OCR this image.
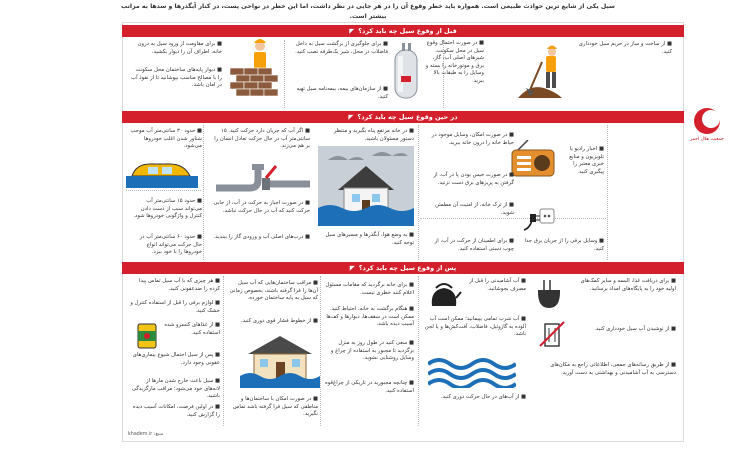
سیل یکی از شایع ترین حوادث طبیعی است. همواره باید خطر وقوع آن را در هر جایی در نظر داشت، اما این خطر در نواحی پست، در کنار آبگذرها و سدها به مراتب بیشتر است.
جمعیت هلال احمر
قبل از وقوع سیل چه باید کرد؟◤
در حین وقوع سیل چه باید کرد؟◤
پس از وقوع سیل چه باید کرد؟◤
■ از ساخت و ساز در حریم سیل خودداری کنید.
■ در صورت احتمال وقوع سیل در محل سکونت، شیرهای اصلی آب، گاز، برق و موتورخانه را بسته و وسایل را به طبقات بالا ببرید.
■ برای جلوگیری از برگشت سیل به داخل فاضلاب در محل، شیر یک‌طرفه نصب کنید.
■ از سازمان‌های بیمه، بیمه‌نامه سیل تهیه کنید.
■ برای مقاومت از ورود سیل به درون خانه، اطراف آن را دیوار بکشید.
■ دیوار پایه‌های ساختمان محل سکونت را با مصالح مناسب بپوشانید تا از نفوذ آب در امان باشد.
■ اخبار رادیو یا تلویزیون و منابع خبری معتبر را پیگیری کنید.
■ در صورت امکان، وسایل موجود در حیاط خانه را درون خانه ببرید.
■ در صورت خیس بودن پا در آب، از گرفتن به پریزهای برق دست نزنید.
■ از ترک خانه، از امنیت آن مطمئن شوید.
■ وسایل برقی را از جریان برق جدا کنید.
■ برای اطمینان از حرکت در آب، از چوب دستی استفاده کنید.
■ در خانه مرتفع پناه بگیرید و منتظر دستور مسئولان باشید.
■ به وضع هوا، آبگذرها و مسیرهای سیل توجه کنید.
■ اگر آب که جریان دارد حرکت کنید. ۱۵ سانتی‌متر آب در حال حرکت تعادل انسان را بر هم می‌زند.
■ در صورت اجبار به حرکت در آب، از جایی حرکت کنید که آب در حال حرکت نباشد.
■ درب‌های اصلی آب و ورودی گاز را ببندید.
■ حدود ۳۰ سانتی‌متر آب موجب شناور شدن اغلب خودروها می‌شود.
■ حدود ۱۵ سانتی‌متر آب می‌تواند سبب از دست دادن کنترل و واژگونی خودروها شود.
■ حدود ۶۰ سانتی‌متر آب در حال حرکت می‌تواند انواع خودروها را با خود ببرد.
■ برای دریافت غذا، البسه و سایر کمک‌های اولیه خود را به پایگاه‌های امداد برسانید.
■ از نوشیدن آب سیل خودداری کنید.
■ از طریق رسانه‌های جمعی، اطلاعاتی راجع به مکان‌های دسترسی به آب آشامیدنی و بهداشتی به دست آورید.
■ آب آشامیدنی را قبل از مصرف بجوشانید.
■ آب شرب تمامی بپیمانید؛ ممکن است آب آلوده به گازوئیل، فاضلاب، آفت‌کش‌ها و یا لجن باشد.
■ از آب‌های در حال حرکت دوری کنید.
■ برای خانه برگردید که مقامات مسئول اعلام کنند خطری نیست.
■ هنگام برگشت به خانه، احتیاط کنید. ممکن است در سقف‌ها، دیوارها و کف‌ها آسیب دیده باشد.
■ سعی کنید در طول روز به منزل برگردید تا مجبور به استفاده از چراغ و وسایل روشنایی نشوید.
■ چنانچه مجبورید در تاریکی از چراغ‌قوه استفاده کنید.
■ مراقب ساختمان‌هایی که آب سیل آن‌ها را فرا گرفته باشند، بخصوص زمانی که سیل به پایه ساختمان خورده.
■ از خطوط فشار قوی دوری کنید.
■ در صورت امکان با ساختمان‌ها و مناطقی که سیل فرا گرفته باشد تماس نگیرید.
■ هر چیزی که با آب سیل تماس پیدا کرده را ضدعفونی کنید.
■ لوازم برقی را قبل از استفاده کنترل و خشک کنید.
■ از غذاهای کنسرو شده استفاده کنید.
■ پس از سیل احتمال شیوع بیماری‌های عفونی وجود دارد.
■ سیل باعث خارج شدن مارها از لانه‌های خود می‌شود؛ مراقب مارگزیدگی باشید.
■ در اولین فرصت، امکانات آسیب دیده را گزارش کنید.
منبع: khadem.ir
